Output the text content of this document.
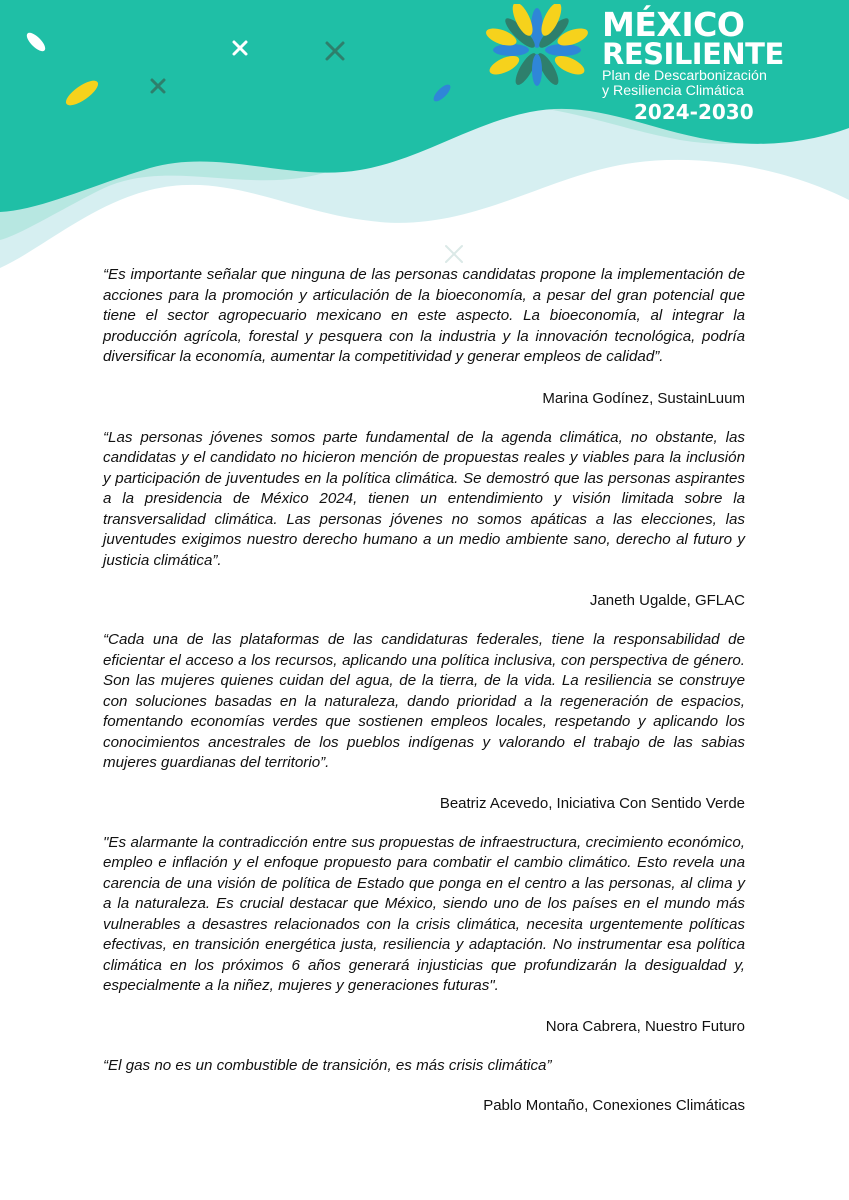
MÉXICO

RESILIENTE

Plan de Descarbonización

y Resiliencia Climática

2024-2030

“Es importante señalar que ninguna de las personas candidatas propone la implementación de acciones para la promoción y articulación de la bioeconomía, a pesar del gran potencial que tiene el sector agropecuario mexicano en este aspecto. La bioeconomía, al integrar la producción agrícola, forestal y pesquera con la industria y la innovación tecnológica, podría diversificar la economía, aumentar la competitividad y generar empleos de calidad”.

Marina Godínez, SustainLuum

“Las personas jóvenes somos parte fundamental de la agenda climática, no obstante, las candidatas y el candidato no hicieron mención de propuestas reales y viables para la inclusión y participación de juventudes en la política climática. Se demostró que las personas aspirantes a la presidencia de México 2024, tienen un entendimiento y visión limitada sobre la transversalidad climática. Las personas jóvenes no somos apáticas a las elecciones, las juventudes exigimos nuestro derecho humano a un medio ambiente sano, derecho al futuro y justicia climática”.

Janeth Ugalde, GFLAC

“Cada una de las plataformas de las candidaturas federales, tiene la responsabilidad de eficientar el acceso a los recursos, aplicando una política inclusiva, con perspectiva de género. Son las mujeres quienes cuidan del agua, de la tierra, de la vida. La resiliencia se construye con soluciones basadas en la naturaleza, dando prioridad a la regeneración de espacios, fomentando economías verdes que sostienen empleos locales, respetando y aplicando los conocimientos ancestrales de los pueblos indígenas y valorando el trabajo de las sabias mujeres guardianas del territorio”.

Beatriz Acevedo, Iniciativa Con Sentido Verde

"Es alarmante la contradicción entre sus propuestas de infraestructura, crecimiento económico, empleo e inflación y el enfoque propuesto para combatir el cambio climático. Esto revela una carencia de una visión de política de Estado que ponga en el centro a las personas, al clima y a la naturaleza. Es crucial destacar que México, siendo uno de los países en el mundo más vulnerables a desastres relacionados con la crisis climática, necesita urgentemente políticas efectivas, en transición energética justa, resiliencia y adaptación. No instrumentar esa política climática en los próximos 6 años generará injusticias que profundizarán la desigualdad y, especialmente a la niñez, mujeres y generaciones futuras".

Nora Cabrera, Nuestro Futuro

“El gas no es un combustible de transición, es más crisis climática”

Pablo Montaño, Conexiones Climáticas
